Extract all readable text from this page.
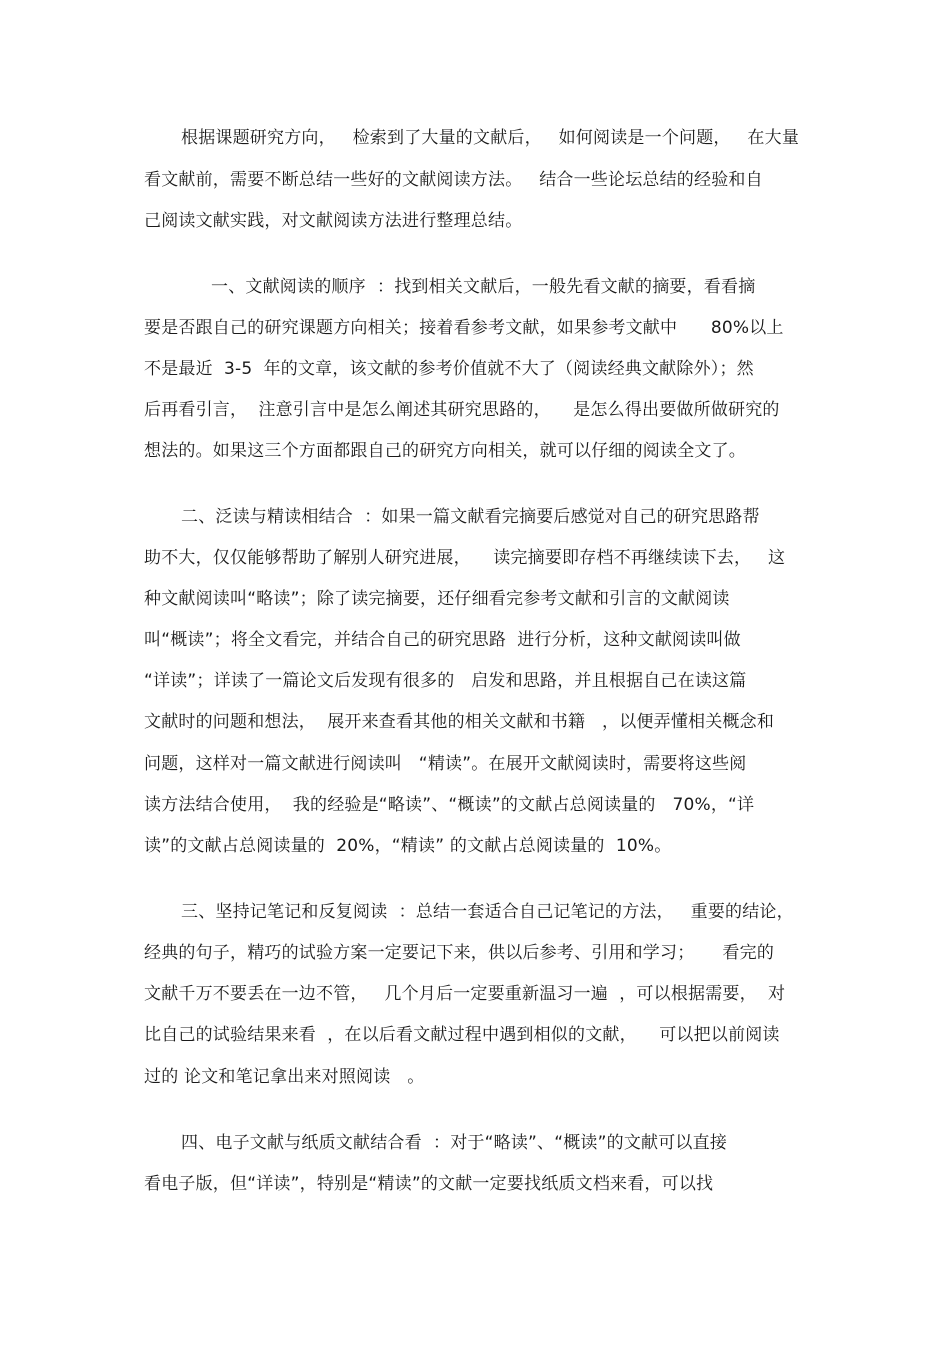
根据课题研究方向，   检索到了大量的文献后，   如何阅读是一个问题，   在大量
看文献前，需要不断总结一些好的文献阅读方法。   结合一些论坛总结的经验和自
己阅读文献实践，对文献阅读方法进行整理总结。
一、文献阅读的顺序  ：找到相关文献后，一般先看文献的摘要，看看摘
要是否跟自己的研究课题方向相关；接着看参考文献，如果参考文献中      80%以上
不是最近  3-5  年的文章，该文献的参考价值就不大了（阅读经典文献除外）；然
后再看引言，  注意引言中是怎么阐述其研究思路的，    是怎么得出要做所做研究的
想法的。如果这三个方面都跟自己的研究方向相关，就可以仔细的阅读全文了。
二、泛读与精读相结合  ：如果一篇文献看完摘要后感觉对自己的研究思路帮
助不大，仅仅能够帮助了解别人研究进展，    读完摘要即存档不再继续读下去，   这
种文献阅读叫“略读”；除了读完摘要，还仔细看完参考文献和引言的文献阅读
叫“概读”；将全文看完，并结合自己的研究思路  进行分析，这种文献阅读叫做
“详读”；详读了一篇论文后发现有很多的   启发和思路，并且根据自己在读这篇
文献时的问题和想法，  展开来查看其他的相关文献和书籍   ，以便弄懂相关概念和
问题，这样对一篇文献进行阅读叫   “精读”。在展开文献阅读时，需要将这些阅
读方法结合使用，  我的经验是“略读”、“概读”的文献占总阅读量的   70%，“详
读”的文献占总阅读量的  20%，“精读” 的文献占总阅读量的  10%。
三、坚持记笔记和反复阅读  ：总结一套适合自己记笔记的方法，   重要的结论，
经典的句子，精巧的试验方案一定要记下来，供以后参考、引用和学习；     看完的
文献千万不要丢在一边不管，   几个月后一定要重新温习一遍  ，可以根据需要，  对
比自己的试验结果来看  ，在以后看文献过程中遇到相似的文献，    可以把以前阅读
过的 论文和笔记拿出来对照阅读   。
四、电子文献与纸质文献结合看  ：对于“略读”、“概读”的文献可以直接
看电子版，但“详读”，特别是“精读”的文献一定要找纸质文档来看，可以找
